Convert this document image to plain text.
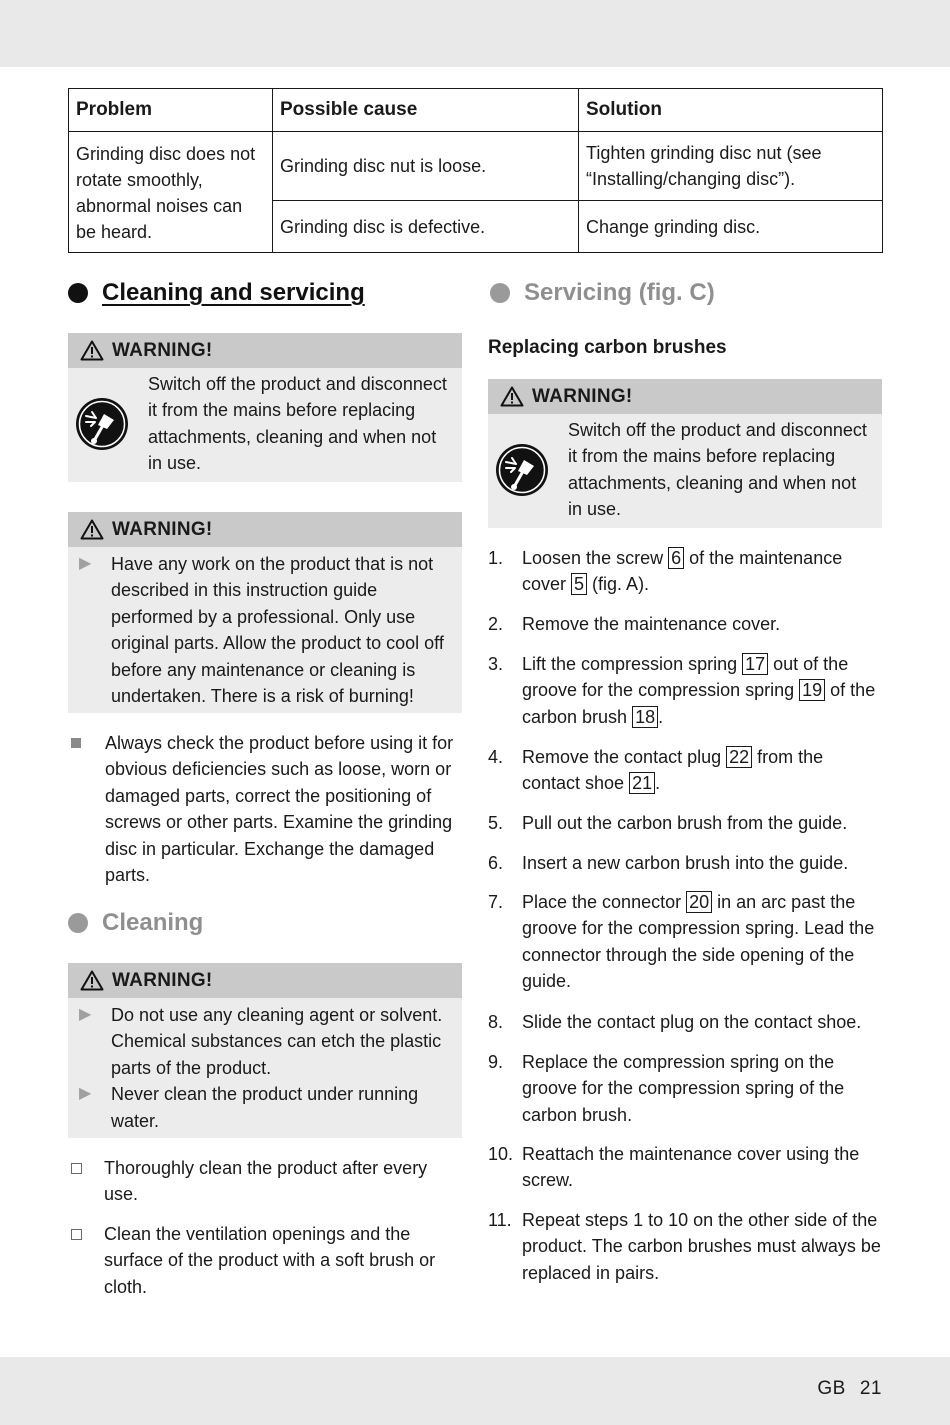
Problem	Possible cause	Solution
Grinding disc does not rotate smoothly, abnormal noises can be heard.	Grinding disc nut is loose.	Tighten grinding disc nut (see “Installing/changing disc”).
	Grinding disc is defective.	Change grinding disc.
Cleaning and servicing
WARNING!
Switch off the product and disconnect it from the mains before replacing attachments, cleaning and when not in use.
WARNING!
▶	Have any work on the product that is not described in this instruction guide performed by a professional. Only use original parts. Allow the product to cool off before any maintenance or cleaning is undertaken. There is a risk of burning!
Always check the product before using it for obvious deficiencies such as loose, worn or damaged parts, correct the positioning of screws or other parts. Examine the grinding disc in particular. Exchange the damaged parts.
Cleaning
WARNING!
▶	Do not use any cleaning agent or solvent. Chemical substances can etch the plastic parts of the product.
▶	Never clean the product under running water.
Thoroughly clean the product after every use.
Clean the ventilation openings and the surface of the product with a soft brush or cloth.
Servicing (fig. C)
Replacing carbon brushes
WARNING!
Switch off the product and disconnect it from the mains before replacing attachments, cleaning and when not in use.
1.	Loosen the screw 6 of the maintenance cover 5 (fig. A).
2.	Remove the maintenance cover.
3.	Lift the compression spring 17 out of the groove for the compression spring 19 of the carbon brush 18 .
4.	Remove the contact plug 22 from the contact shoe 21 .
5.	Pull out the carbon brush from the guide.
6.	Insert a new carbon brush into the guide.
7.	Place the connector 20 in an arc past the groove for the compression spring. Lead the connector through the side opening of the guide.
8.	Slide the contact plug on the contact shoe.
9.	Replace the compression spring on the groove for the compression spring of the carbon brush.
10. Reattach the maintenance cover using the screw.
11. Repeat steps 1 to 10 on the other side of the product. The carbon brushes must always be replaced in pairs.
GB 21
